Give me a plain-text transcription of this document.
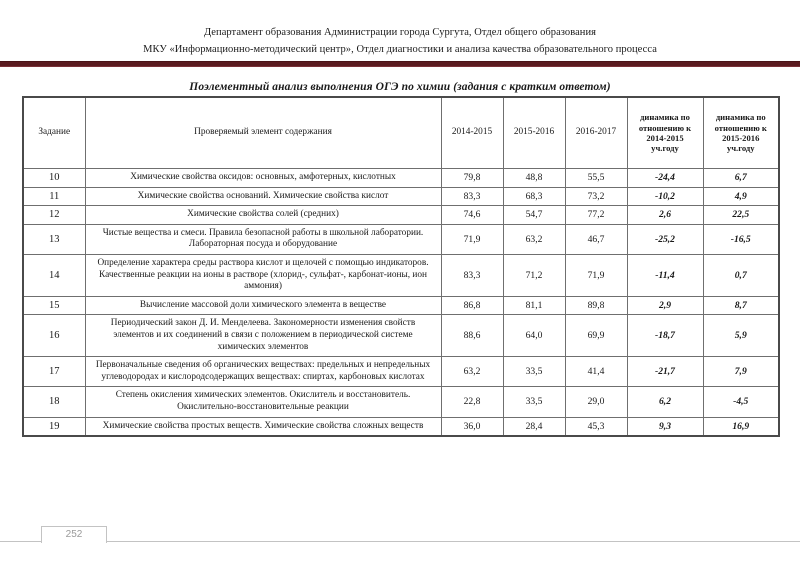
Департамент образования Администрации города Сургута, Отдел общего образования
МКУ «Информационно-методический центр», Отдел диагностики и анализа качества образовательного процесса
Поэлементный анализ выполнения ОГЭ по химии (задания с кратким ответом)
Задание	Проверяемый элемент содержания	2014-2015	2015-2016	2016-2017	динамика по
отношению к
2014-2015
уч.году	динамика по
отношению к
2015-2016
уч.году
10	Химические свойства оксидов: основных, амфотерных, кислотных	79,8	48,8	55,5	-24,4	6,7
11	Химические свойства оснований. Химические свойства кислот	83,3	68,3	73,2	-10,2	4,9
12	Химические свойства солей (средних)	74,6	54,7	77,2	2,6	22,5
13	Чистые вещества и смеси. Правила безопасной работы в школьной лаборатории. Лабораторная посуда и оборудование	71,9	63,2	46,7	-25,2	-16,5
14	Определение характера среды раствора кислот и щелочей с помощью индикаторов. Качественные реакции на ионы в растворе (хлорид-, сульфат-, карбонат-ионы, ион аммония)	83,3	71,2	71,9	-11,4	0,7
15	Вычисление массовой доли химического элемента в веществе	86,8	81,1	89,8	2,9	8,7
16	Периодический закон Д. И. Менделеева. Закономерности изменения свойств элементов и их соединений в связи с положением в периодической системе химических элементов	88,6	64,0	69,9	-18,7	5,9
17	Первоначальные сведения об органических веществах: предельных и непредельных углеводородах и кислородсодержащих веществах: спиртах, карбоновых кислотах	63,2	33,5	41,4	-21,7	7,9
18	Степень окисления химических элементов. Окислитель и восстановитель. Окислительно-восстановительные реакции	22,8	33,5	29,0	6,2	-4,5
19	Химические свойства простых веществ. Химические свойства сложных веществ	36,0	28,4	45,3	9,3	16,9
252
